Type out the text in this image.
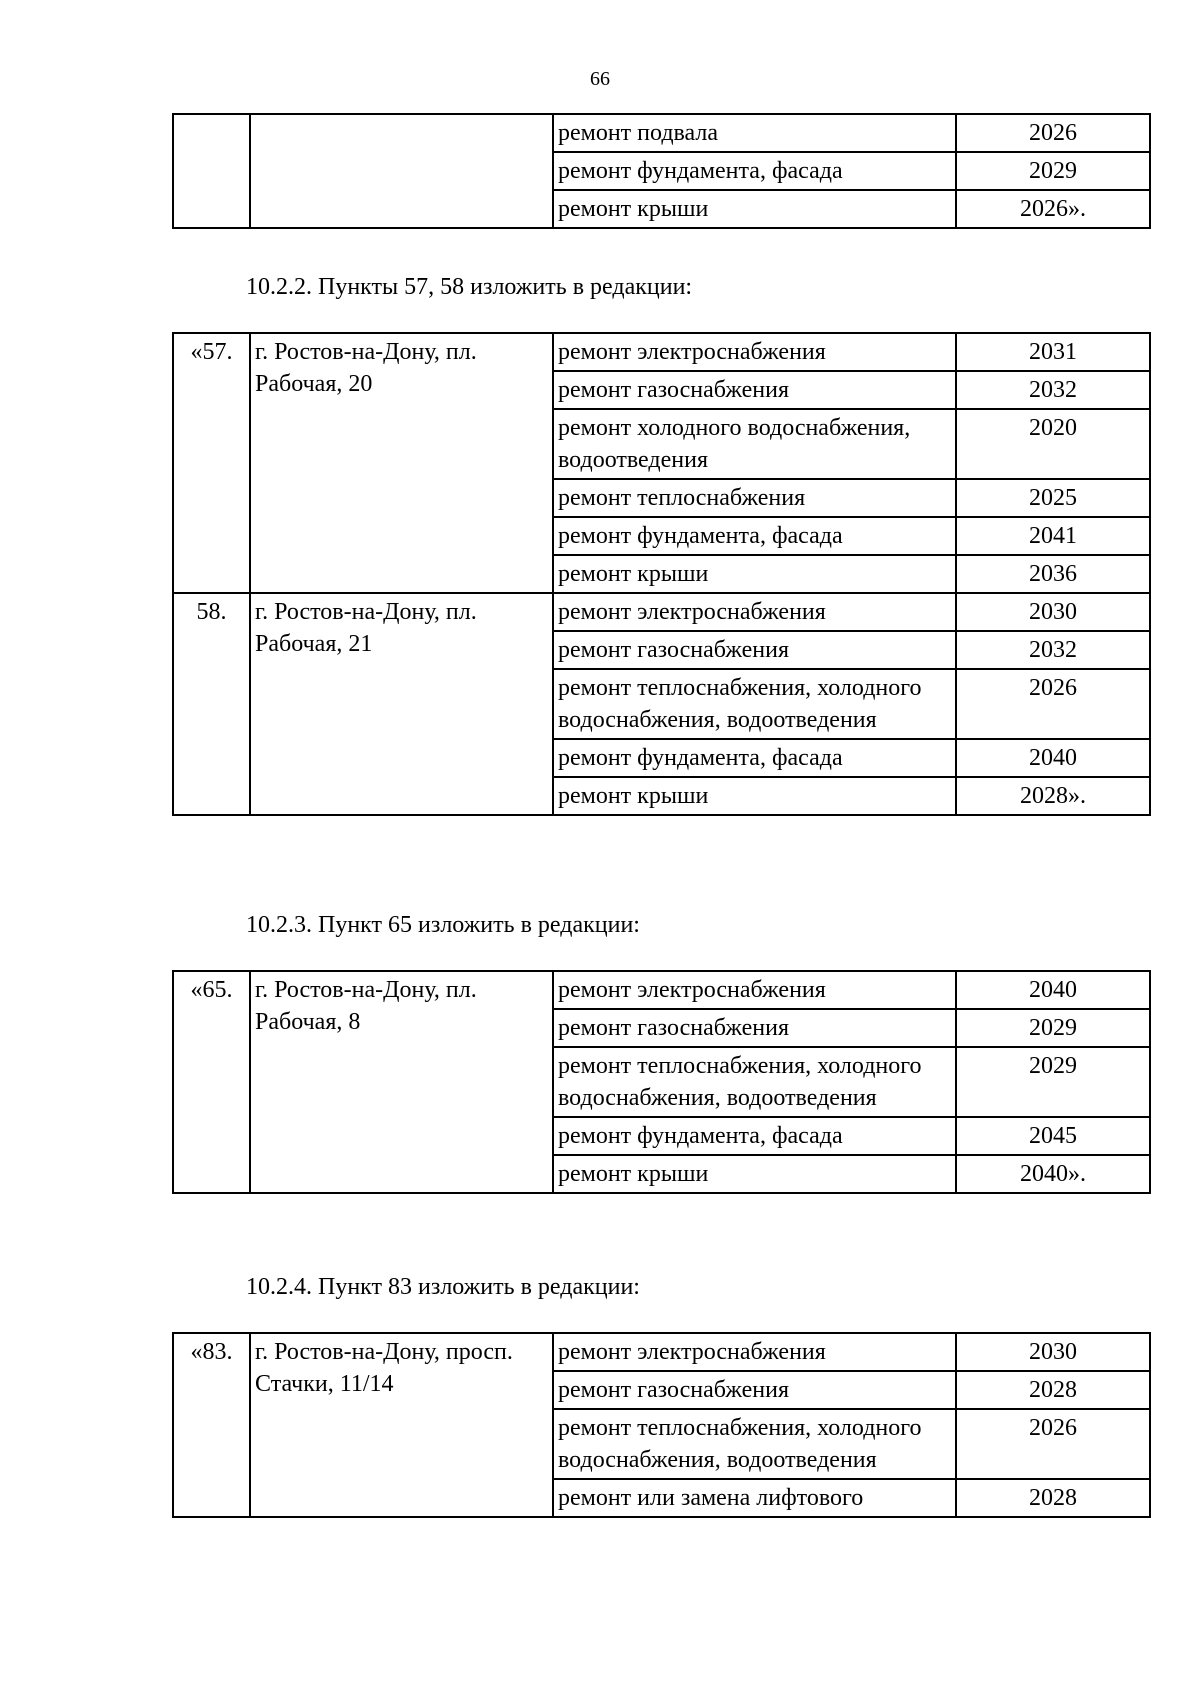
66
		ремонт подвала	2026
		ремонт фундамента, фасада	2029
		ремонт крыши	2026».
10.2.2. Пункты 57, 58 изложить в редакции:
«57.	г. Ростов-на-Дону, пл. Рабочая, 20	ремонт электроснабжения	2031
		ремонт газоснабжения	2032
		ремонт холодного водоснабжения, водоотведения	2020
		ремонт теплоснабжения	2025
		ремонт фундамента, фасада	2041
		ремонт крыши	2036
58.	г. Ростов-на-Дону, пл. Рабочая, 21	ремонт электроснабжения	2030
		ремонт газоснабжения	2032
		ремонт теплоснабжения, холодного водоснабжения, водоотведения	2026
		ремонт фундамента, фасада	2040
		ремонт крыши	2028».
10.2.3. Пункт 65 изложить в редакции:
«65.	г. Ростов-на-Дону, пл. Рабочая, 8	ремонт электроснабжения	2040
		ремонт газоснабжения	2029
		ремонт теплоснабжения, холодного водоснабжения, водоотведения	2029
		ремонт фундамента, фасада	2045
		ремонт крыши	2040».
10.2.4. Пункт 83 изложить в редакции:
«83.	г. Ростов-на-Дону, просп. Стачки, 11/14	ремонт электроснабжения	2030
		ремонт газоснабжения	2028
		ремонт теплоснабжения, холодного водоснабжения, водоотведения	2026
		ремонт или замена лифтового	2028
